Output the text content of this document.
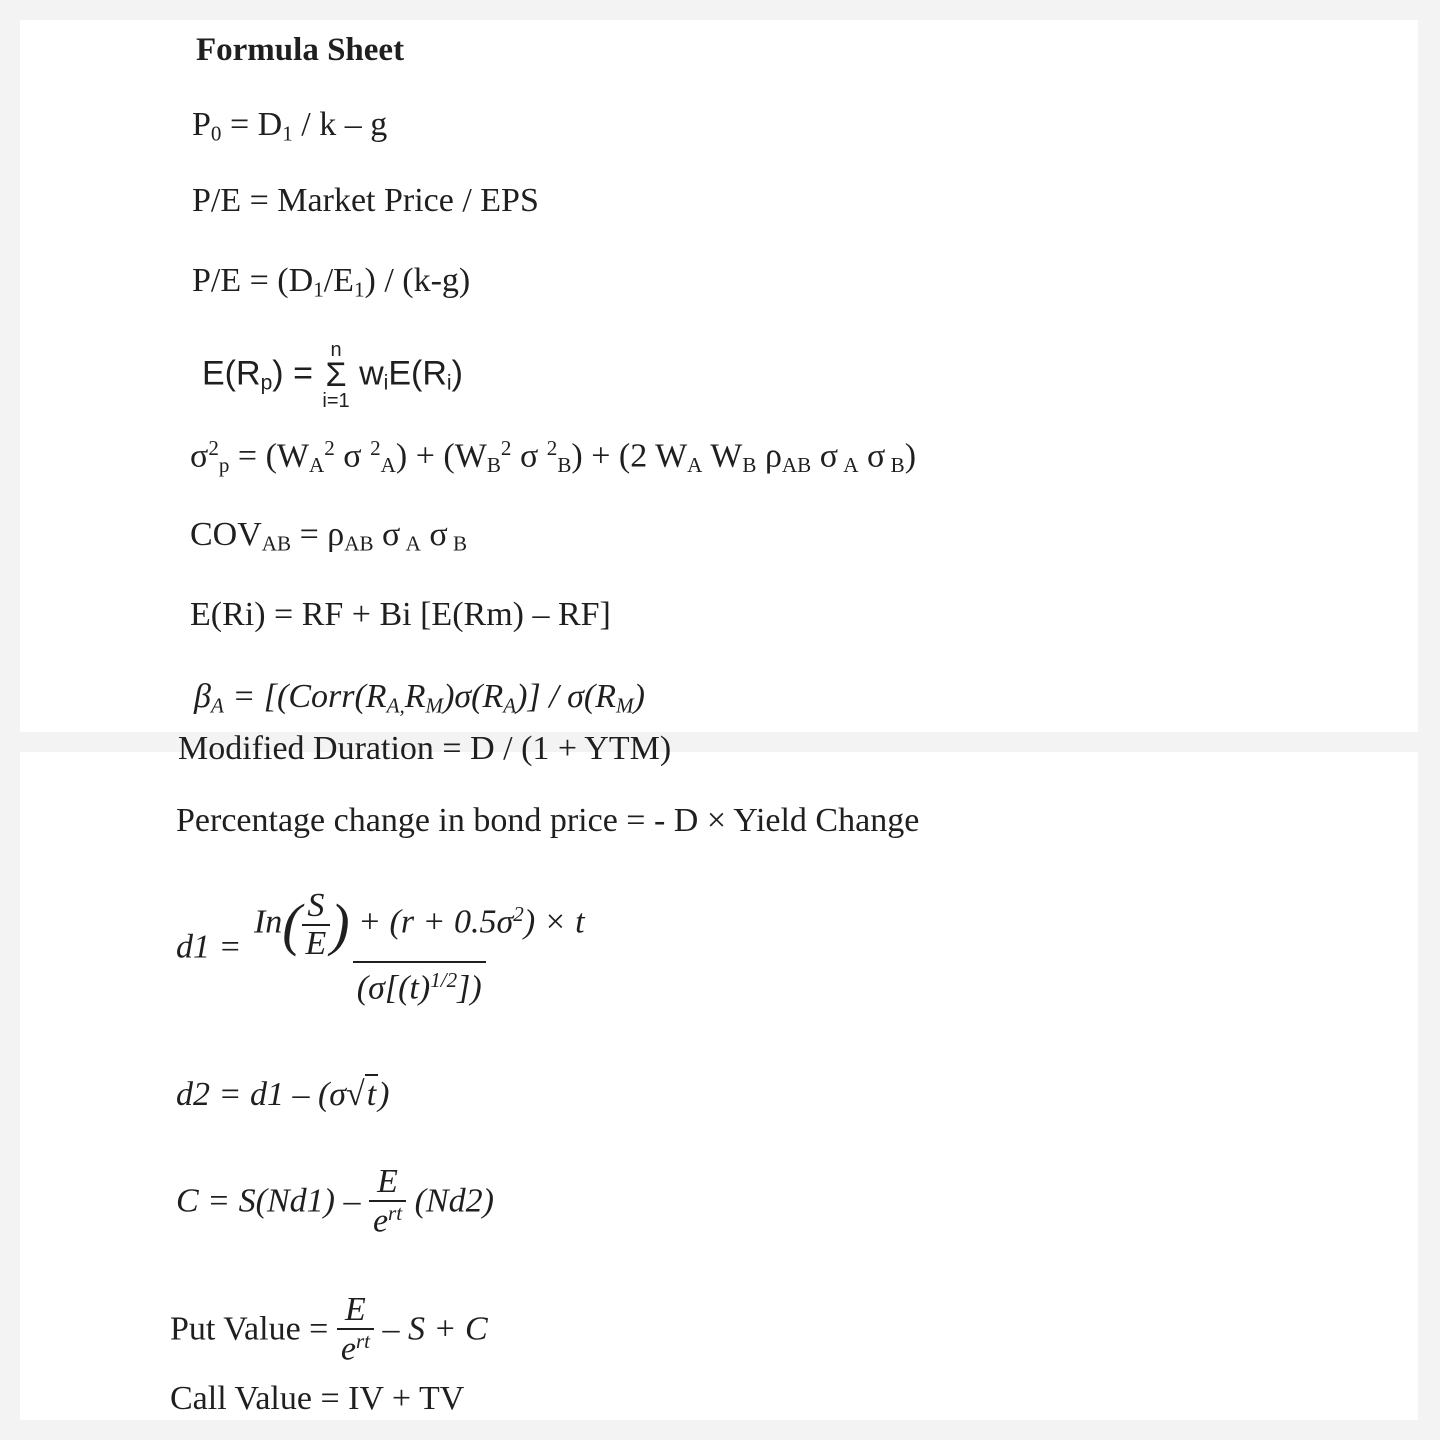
Formula Sheet
$P_0 = D_1 / k - g$
P/E = Market Price / EPS
$P/E = (D_1/E_1) / (k-g)$
$E(R_p)$ =
n
Σ
i=1
$w_iE(R_i)$
$\sigma^2_p = (W_A^2$ σ $^2_A) + (W_B^2$ σ $^2_B$) + (2 $W_A$ $W_B$ $\rho_{AB}$ σ $_A$ σ $_B$)
$COV_{AB} = \rho_{AB}$ σ $_A$ σ $_B$
E(Ri) = RF + Bi [E(Rm) – RF]
$\beta_A$ = [$(Corr(R_{A,}R_M)\sigma(R_A)] / \sigma(R_M)$
Modified Duration = D / (1 + YTM)
Percentage change in bond price = - D × Yield Change
$d1 = \frac{In( \frac{S}{E} ) + (r + 0.5\sigma^2) \times t}{(\sigma[(t)^{1/2}])}$
d2 = d1 – (σ√t)
$C = S(Nd1) - \frac{E}{e^{rt}} (Nd2)$
Put Value = $\frac{E}{e^{rt}} - S + C$
Call Value = IV + TV
